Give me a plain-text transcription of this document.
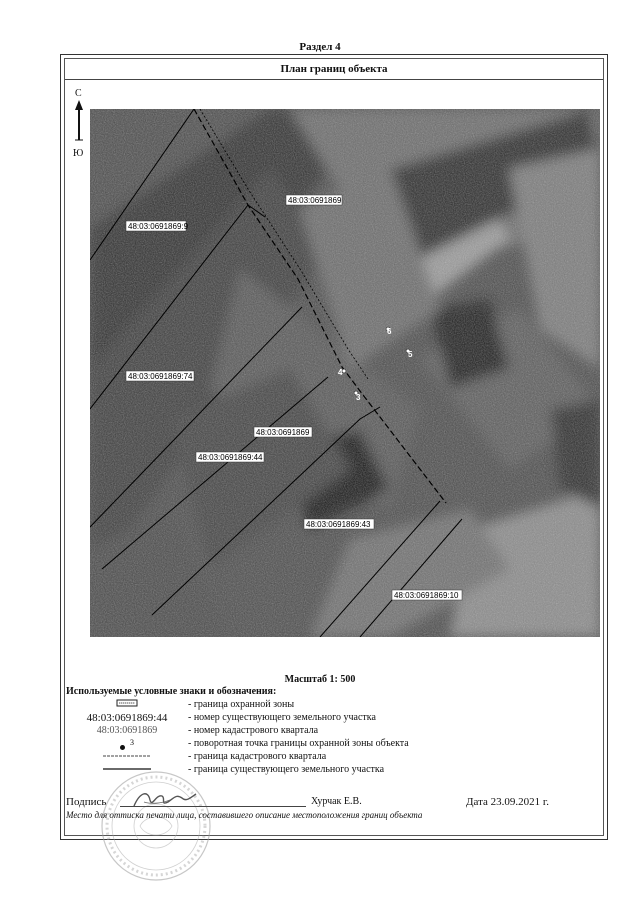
Раздел 4
План границ объекта
С
Ю
48:03:0691869:9
48:03:0691869
48:03:0691869:74
48:03:0691869
48:03:0691869:44
48:03:0691869:43
48:03:0691869:10
6
5
4
3
Масштаб 1: 500
Используемые условные знаки и обозначения:
- граница охранной зоны
48:03:0691869:44	- номер существующего земельного участка
48:03:0691869	- номер кадастрового квартала
$^3$	- поворотная точка границы охранной зоны объекта
- граница кадастрового квартала
- граница существующего земельного участка
Подпись	Хурчак Е.В.	Дата 23.09.2021 г.
Место для оттиска печати лица, составившего описание местоположения границ объекта
